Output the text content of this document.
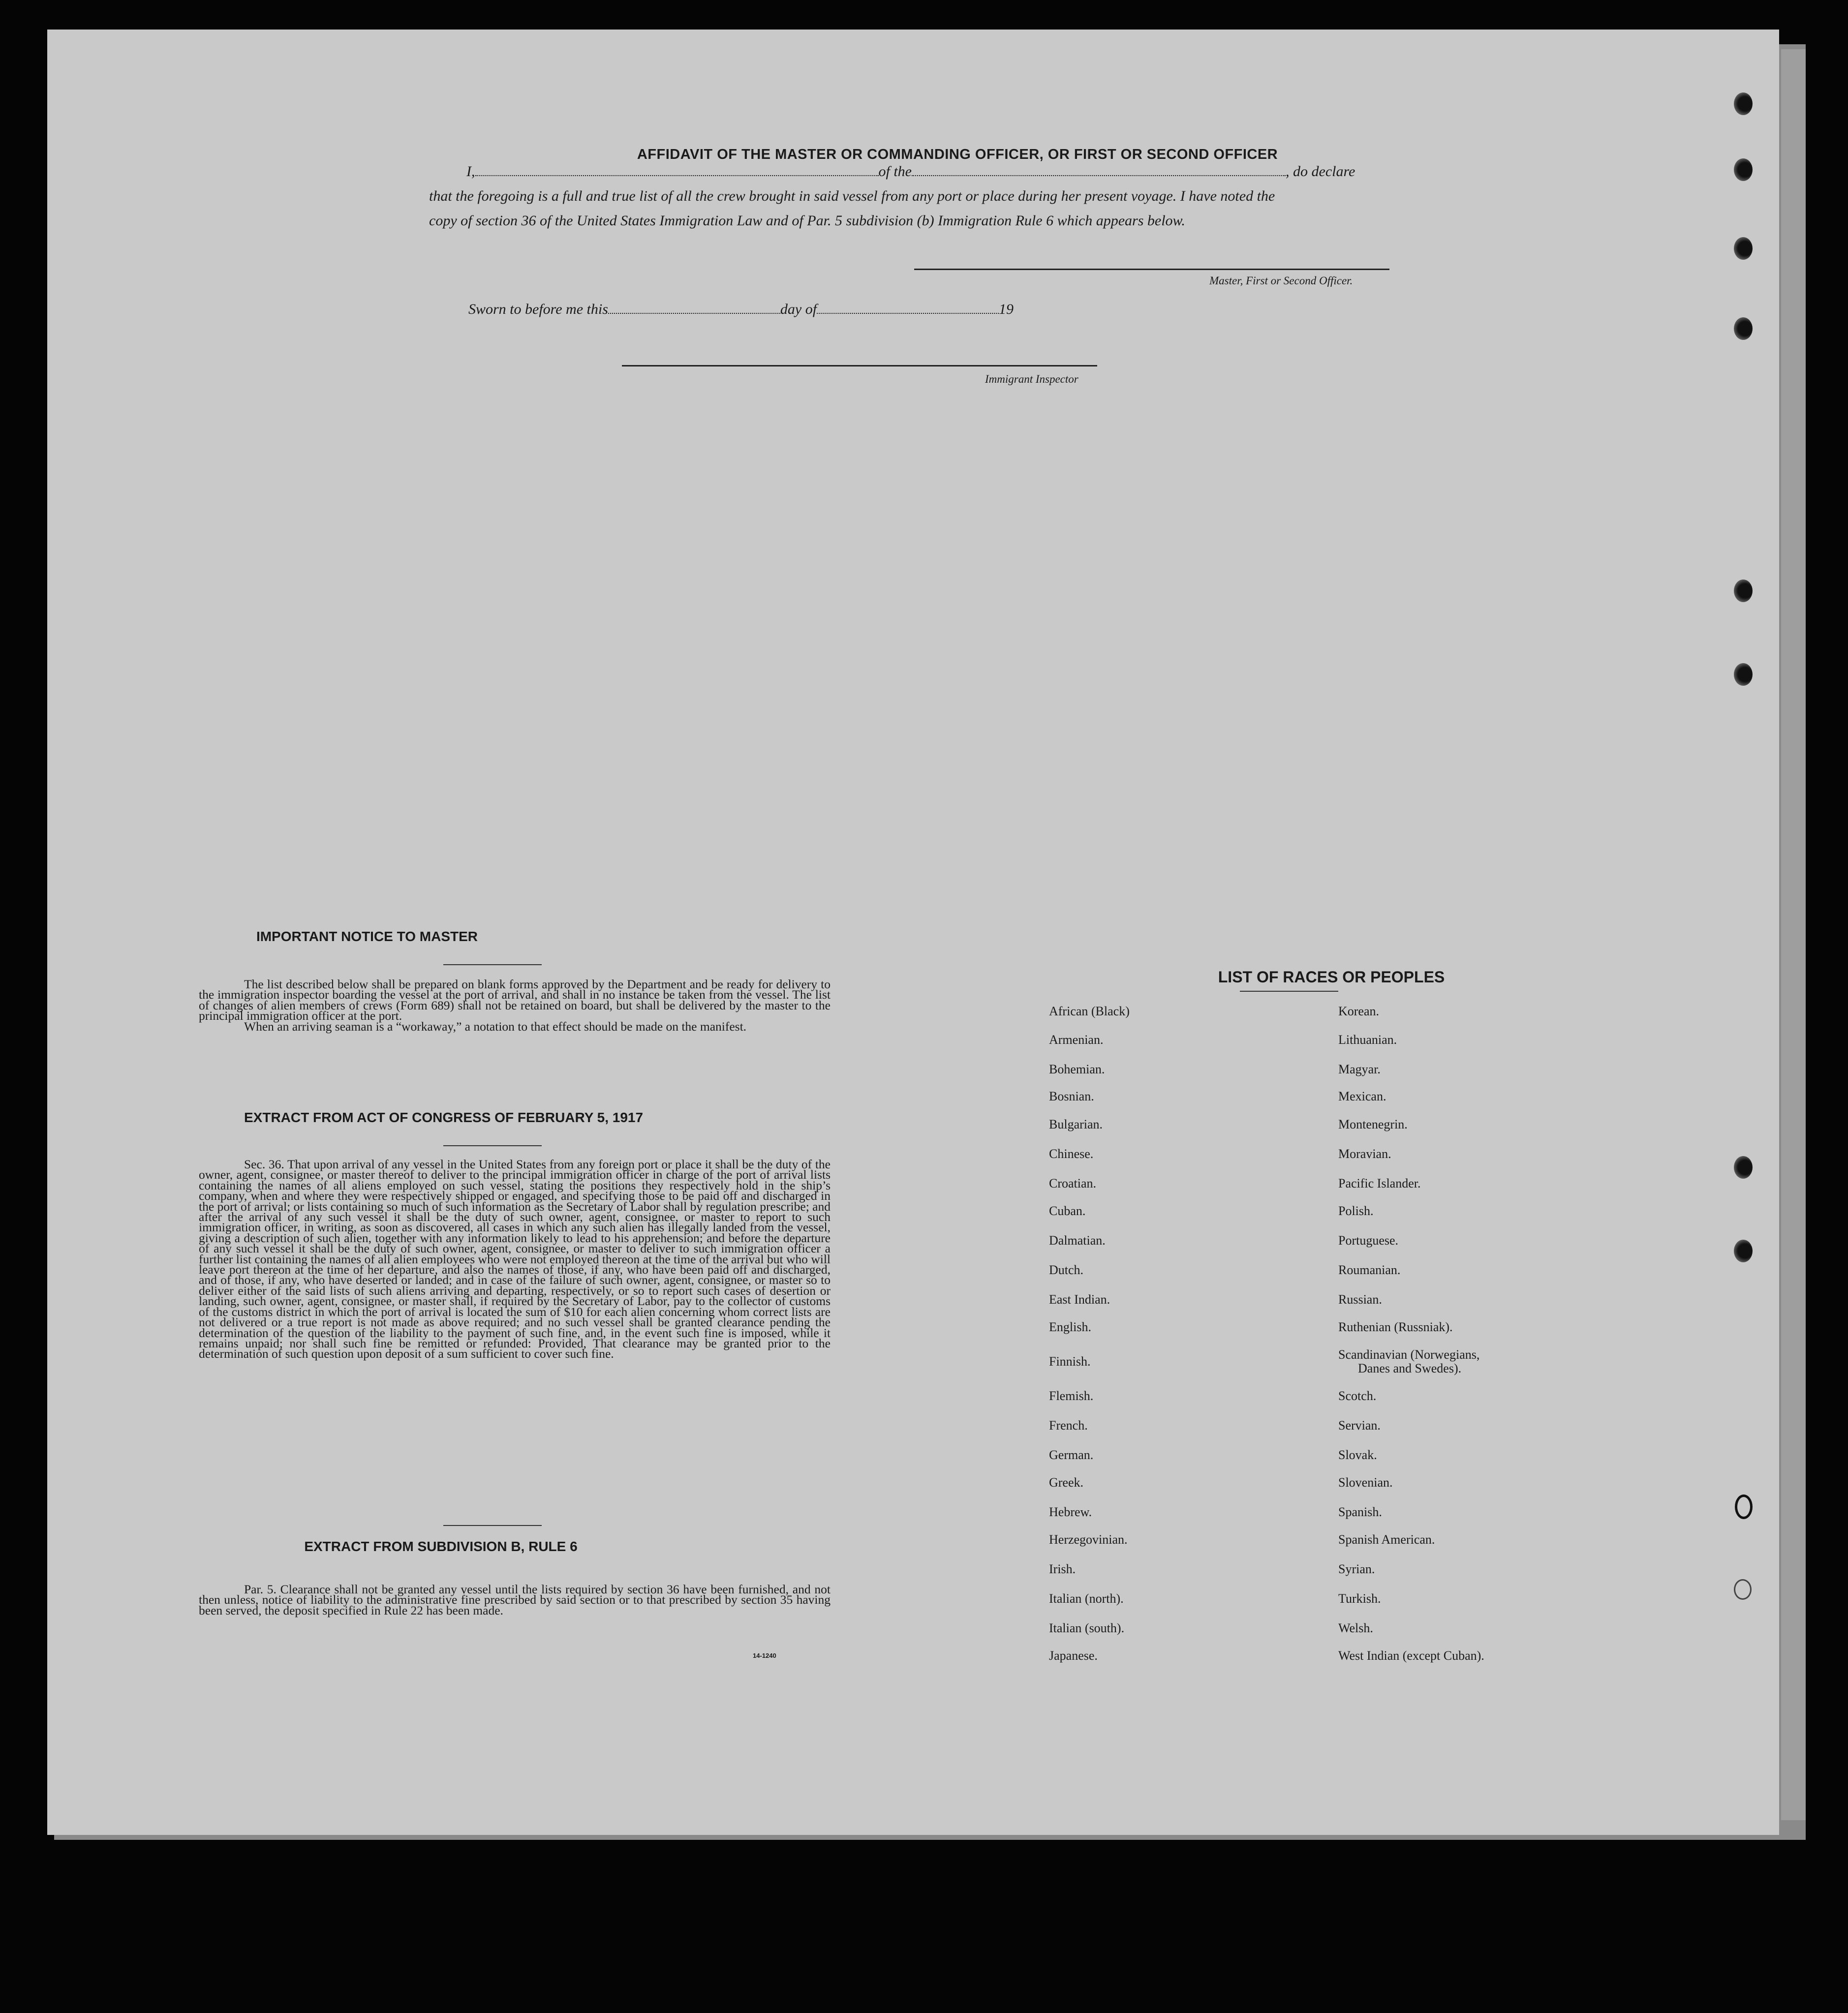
AFFIDAVIT OF THE MASTER OR COMMANDING OFFICER, OR FIRST OR SECOND OFFICER
I,	of the	, do declare
that the foregoing is a full and true list of all the crew brought in said vessel from any port or place during her present voyage. I have noted the
copy of section 36 of the United States Immigration Law and of Par. 5 subdivision (b) Immigration Rule 6 which appears below.
Master, First or Second Officer.
Sworn to before me this	day of	19
Immigrant Inspector
IMPORTANT NOTICE TO MASTER

The list described below shall be prepared on blank forms approved by the Department and be ready for delivery to the immigration inspector boarding the vessel at the port of arrival, and shall in no instance be taken from the vessel. The list of changes of alien members of crews (Form 689) shall not be retained on board, but shall be delivered by the master to the principal immigration officer at the port.

When an arriving seaman is a “workaway,” a notation to that effect should be made on the manifest.

EXTRACT FROM ACT OF CONGRESS OF FEBRUARY 5, 1917

Sec. 36. That upon arrival of any vessel in the United States from any foreign port or place it shall be the duty of the owner, agent, consignee, or master thereof to deliver to the principal immigration officer in charge of the port of arrival lists containing the names of all aliens employed on such vessel, stating the positions they respectively hold in the ship’s company, when and where they were respectively shipped or engaged, and specifying those to be paid off and discharged in the port of arrival; or lists containing so much of such information as the Secretary of Labor shall by regulation prescribe; and after the arrival of any such vessel it shall be the duty of such owner, agent, consignee, or master to report to such immigration officer, in writing, as soon as discovered, all cases in which any such alien has illegally landed from the vessel, giving a description of such alien, together with any information likely to lead to his apprehension; and before the departure of any such vessel it shall be the duty of such owner, agent, consignee, or master to deliver to such immigration officer a further list containing the names of all alien employees who were not employed thereon at the time of the arrival but who will leave port thereon at the time of her departure, and also the names of those, if any, who have been paid off and discharged, and of those, if any, who have deserted or landed; and in case of the failure of such owner, agent, consignee, or master so to deliver either of the said lists of such aliens arriving and departing, respectively, or so to report such cases of desertion or landing, such owner, agent, consignee, or master shall, if required by the Secretary of Labor, pay to the collector of customs of the customs district in which the port of arrival is located the sum of $10 for each alien concerning whom correct lists are not delivered or a true report is not made as above required; and no such vessel shall be granted clearance pending the determination of the question of the liability to the payment of such fine, and, in the event such fine is imposed, while it remains unpaid; nor shall such fine be remitted or refunded: Provided, That clearance may be granted prior to the determination of such question upon deposit of a sum sufficient to cover such fine.

EXTRACT FROM SUBDIVISION B, RULE 6

Par. 5. Clearance shall not be granted any vessel until the lists required by section 36 have been furnished, and not then unless, notice of liability to the administrative fine prescribed by said section or to that prescribed by section 35 having been served, the deposit specified in Rule 22 has been made.

14-1240
LIST OF RACES OR PEOPLES
African (Black)
Armenian.
Bohemian.
Bosnian.
Bulgarian.
Chinese.
Croatian.
Cuban.
Dalmatian.
Dutch.
East Indian.
English.
Finnish.
Flemish.
French.
German.
Greek.
Hebrew.
Herzegovinian.
Irish.
Italian (north).
Italian (south).
Japanese.
Korean.
Lithuanian.
Magyar.
Mexican.
Montenegrin.
Moravian.
Pacific Islander.
Polish.
Portuguese.
Roumanian.
Russian.
Ruthenian (Russniak).
Scandinavian (Norwegians,
Danes and Swedes).
Scotch.
Servian.
Slovak.
Slovenian.
Spanish.
Spanish American.
Syrian.
Turkish.
Welsh.
West Indian (except Cuban).
